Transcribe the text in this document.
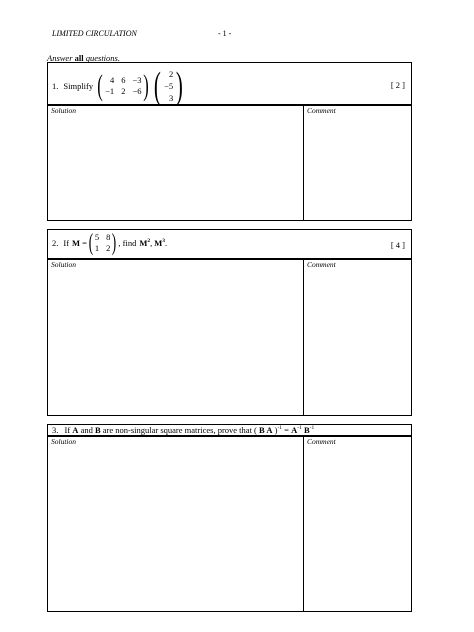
LIMITED CIRCULATION	- 1 -
Answer all questions.
1. Simplify ( 4 6 −3
−1 2 −6 ) ( 2
−5
3 )	[ 2 ]
Solution	Comment
2. If M = ( 5 8
1 2 ) , find $M^2$ , $M^3$ .	[ 4 ]
Solution	Comment
3. If A and B are non-singular square matrices, prove that ( B A )$^{-1} = A^{-1}$ $B^{-1}$
Solution	Comment
